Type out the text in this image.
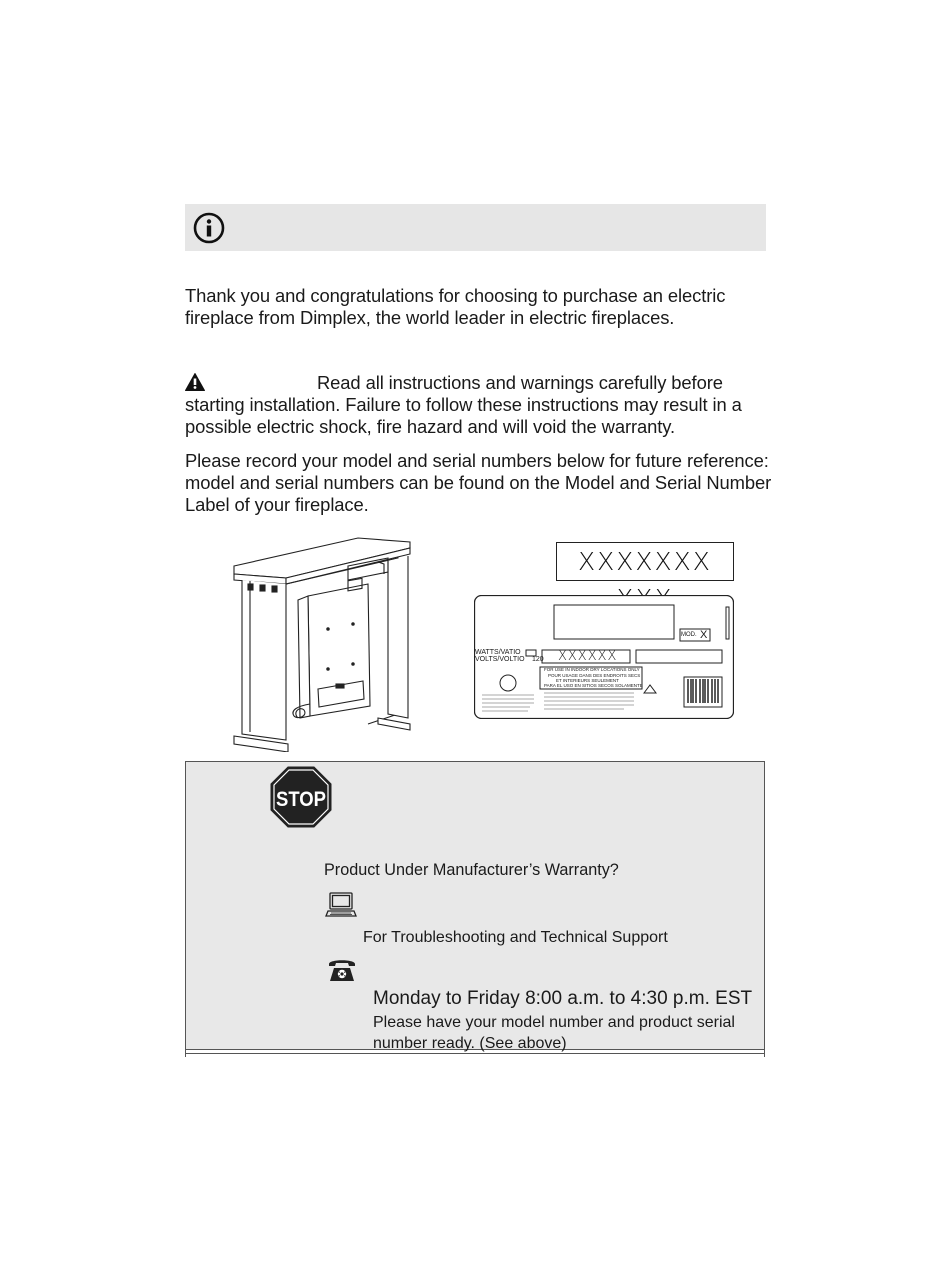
Thank you and congratulations for choosing to purchase an electric fireplace from Dimplex, the world leader in electric fireplaces.
Read all instructions and warnings carefully before
starting installation. Failure to follow these instructions may result in a possible electric shock, fire hazard and will void the warranty.
Please record your model and serial numbers below for future reference: model and serial numbers can be found on the Model and Serial Number Label of your fireplace.
XXXXXXX
WATTS/VATIO
VOLTS/VOLTIO 120
MOD. X
XXXXXX
FOR USE IN INDOOR DRY LOCATIONS ONLY
POUR USAGE DANS DES ENDROITS SECS
ET INTERIEURS SEULEMENT
PARA EL USO EN SITIOS SECOS SOLAMENTE
STOP
Product Under Manufacturer’s Warranty?
For Troubleshooting and Technical Support
Monday to Friday 8:00 a.m. to 4:30 p.m. EST
Please have your model number and product serial number ready. (See above)
